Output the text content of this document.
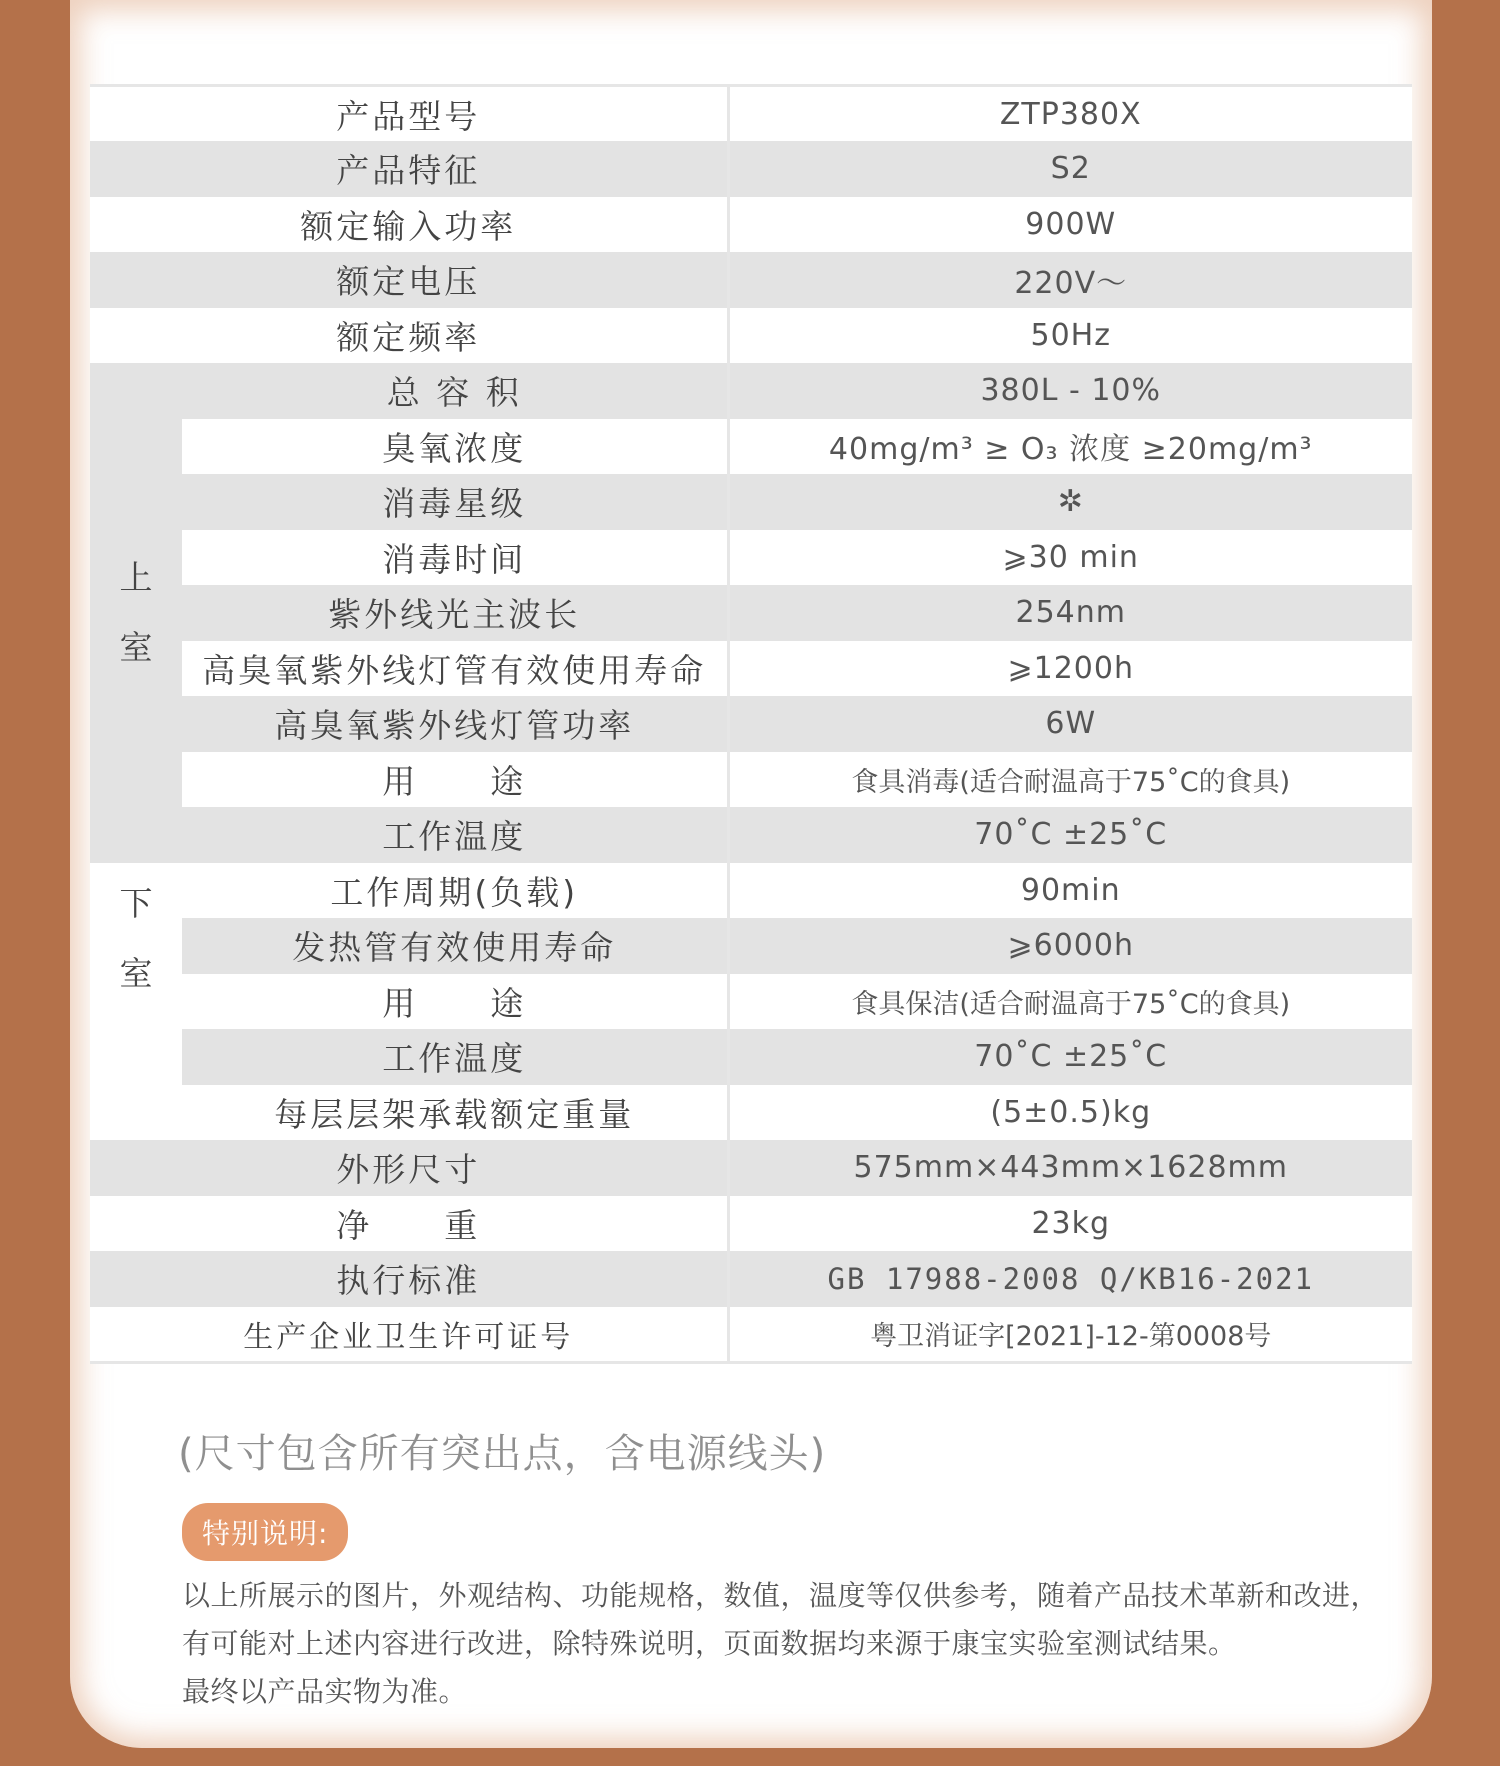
产品型号		ZTP380X
产品特征		S2
额定输入功率		900W
额定电压		220V～
额定频率		50Hz
上
室	总 容 积	380L - 10%
	臭氧浓度	40mg/m³ ≥ O₃ 浓度 ≥20mg/m³
	消毒星级	✲
	消毒时间	⩾30 min
	紫外线光主波长	254nm
	高臭氧紫外线灯管有效使用寿命	⩾1200h
	高臭氧紫外线灯管功率	6W
	用　　途	食具消毒(适合耐温高于75˚C的食具)
	工作温度	70˚C ±25˚C
下
室	工作周期(负载)	90min
	发热管有效使用寿命	⩾6000h
	用　　途	食具保洁(适合耐温高于75˚C的食具)
	工作温度	70˚C ±25˚C
	每层层架承载额定重量	(5±0.5)kg
外形尺寸		575mm×443mm×1628mm
净　　重		23kg
执行标准		GB 17988-2008 Q/KB16-2021
生产企业卫生许可证号		粤卫消证字[2021]-12-第0008号
(尺寸包含所有突出点，含电源线头)
特别说明:
以上所展示的图片，外观结构、功能规格，数值，温度等仅供参考，随着产品技术革新和改进，
有可能对上述内容进行改进，除特殊说明，页面数据均来源于康宝实验室测试结果。
最终以产品实物为准。
